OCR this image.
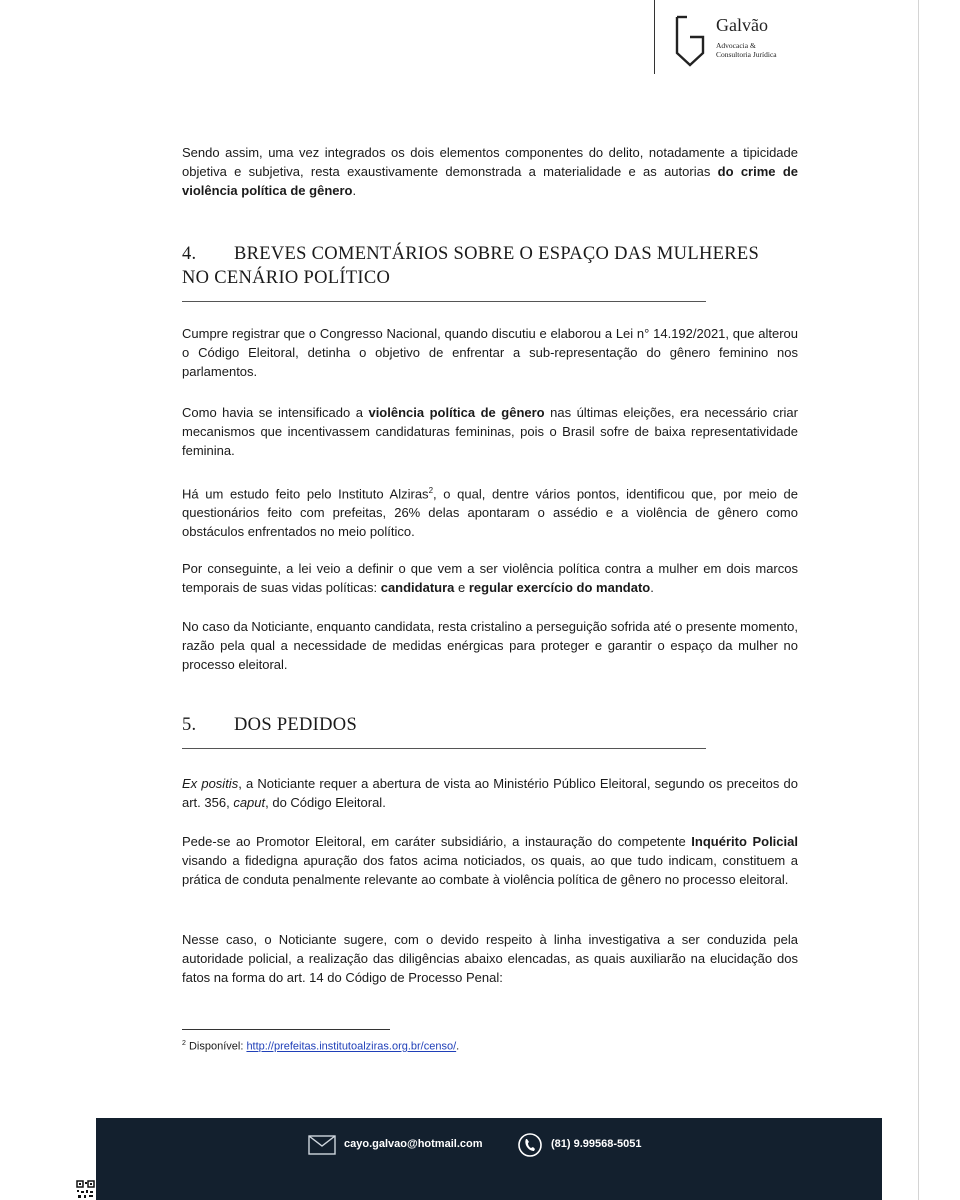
Galvão
Advocacia &
Consultoria Jurídica

Sendo assim, uma vez integrados os dois elementos componentes do delito, notadamente a tipicidade objetiva e subjetiva, resta exaustivamente demonstrada a materialidade e as autorias do crime de violência política de gênero.

4. BREVES COMENTÁRIOS SOBRE O ESPAÇO DAS MULHERES
NO CENÁRIO POLÍTICO

Cumpre registrar que o Congresso Nacional, quando discutiu e elaborou a Lei n° 14.192/2021, que alterou o Código Eleitoral, detinha o objetivo de enfrentar a sub-representação do gênero feminino nos parlamentos.

Como havia se intensificado a violência política de gênero nas últimas eleições, era necessário criar mecanismos que incentivassem candidaturas femininas, pois o Brasil sofre de baixa representatividade feminina.

Há um estudo feito pelo Instituto Alziras$^2$, o qual, dentre vários pontos, identificou que, por meio de questionários feito com prefeitas, 26% delas apontaram o assédio e a violência de gênero como obstáculos enfrentados no meio político.

Por conseguinte, a lei veio a definir o que vem a ser violência política contra a mulher em dois marcos temporais de suas vidas políticas: candidatura e regular exercício do mandato.

No caso da Noticiante, enquanto candidata, resta cristalino a perseguição sofrida até o presente momento, razão pela qual a necessidade de medidas enérgicas para proteger e garantir o espaço da mulher no processo eleitoral.

5. DOS PEDIDOS

Ex positis, a Noticiante requer a abertura de vista ao Ministério Público Eleitoral, segundo os preceitos do art. 356, caput, do Código Eleitoral.

Pede-se ao Promotor Eleitoral, em caráter subsidiário, a instauração do competente Inquérito Policial visando a fidedigna apuração dos fatos acima noticiados, os quais, ao que tudo indicam, constituem a prática de conduta penalmente relevante ao combate à violência política de gênero no processo eleitoral.

Nesse caso, o Noticiante sugere, com o devido respeito à linha investigativa a ser conduzida pela autoridade policial, a realização das diligências abaixo elencadas, as quais auxiliarão na elucidação dos fatos na forma do art. 14 do Código de Processo Penal:

$^2$ Disponível: http://prefeitas.institutoalziras.org.br/censo/.
cayo.galvao@hotmail.com	(81) 9.99568-5051
